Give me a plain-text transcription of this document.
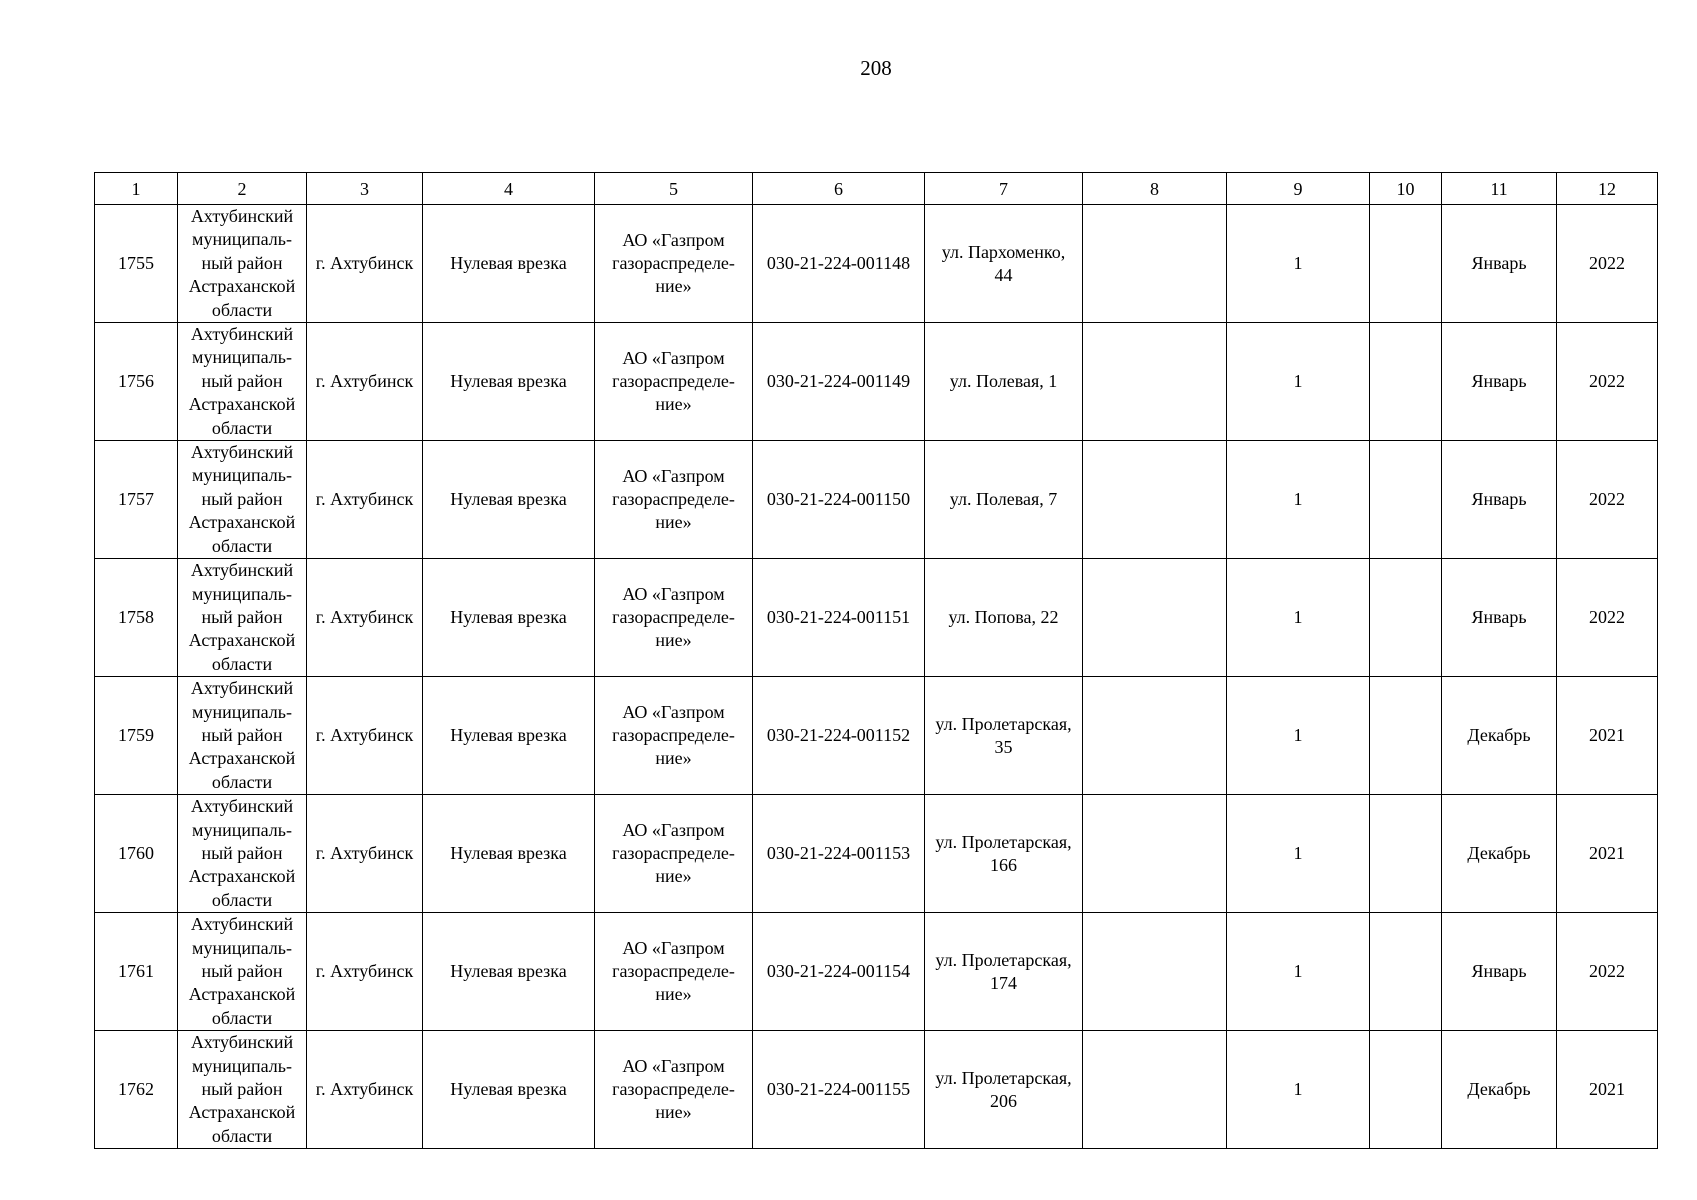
208
1	2	3	4	5	6	7	8	9	10	11	12
1755	Ахтубинский
муниципаль-
ный район
Астраханской
области	г. Ахтубинск	Нулевая врезка	АО «Газпром
газораспределе-
ние»	030-21-224-001148	ул. Пархоменко,
44		1		Январь	2022
1756	Ахтубинский
муниципаль-
ный район
Астраханской
области	г. Ахтубинск	Нулевая врезка	АО «Газпром
газораспределе-
ние»	030-21-224-001149	ул. Полевая, 1		1		Январь	2022
1757	Ахтубинский
муниципаль-
ный район
Астраханской
области	г. Ахтубинск	Нулевая врезка	АО «Газпром
газораспределе-
ние»	030-21-224-001150	ул. Полевая, 7		1		Январь	2022
1758	Ахтубинский
муниципаль-
ный район
Астраханской
области	г. Ахтубинск	Нулевая врезка	АО «Газпром
газораспределе-
ние»	030-21-224-001151	ул. Попова, 22		1		Январь	2022
1759	Ахтубинский
муниципаль-
ный район
Астраханской
области	г. Ахтубинск	Нулевая врезка	АО «Газпром
газораспределе-
ние»	030-21-224-001152	ул. Пролетарская,
35		1		Декабрь	2021
1760	Ахтубинский
муниципаль-
ный район
Астраханской
области	г. Ахтубинск	Нулевая врезка	АО «Газпром
газораспределе-
ние»	030-21-224-001153	ул. Пролетарская,
166		1		Декабрь	2021
1761	Ахтубинский
муниципаль-
ный район
Астраханской
области	г. Ахтубинск	Нулевая врезка	АО «Газпром
газораспределе-
ние»	030-21-224-001154	ул. Пролетарская,
174		1		Январь	2022
1762	Ахтубинский
муниципаль-
ный район
Астраханской
области	г. Ахтубинск	Нулевая врезка	АО «Газпром
газораспределе-
ние»	030-21-224-001155	ул. Пролетарская,
206		1		Декабрь	2021
